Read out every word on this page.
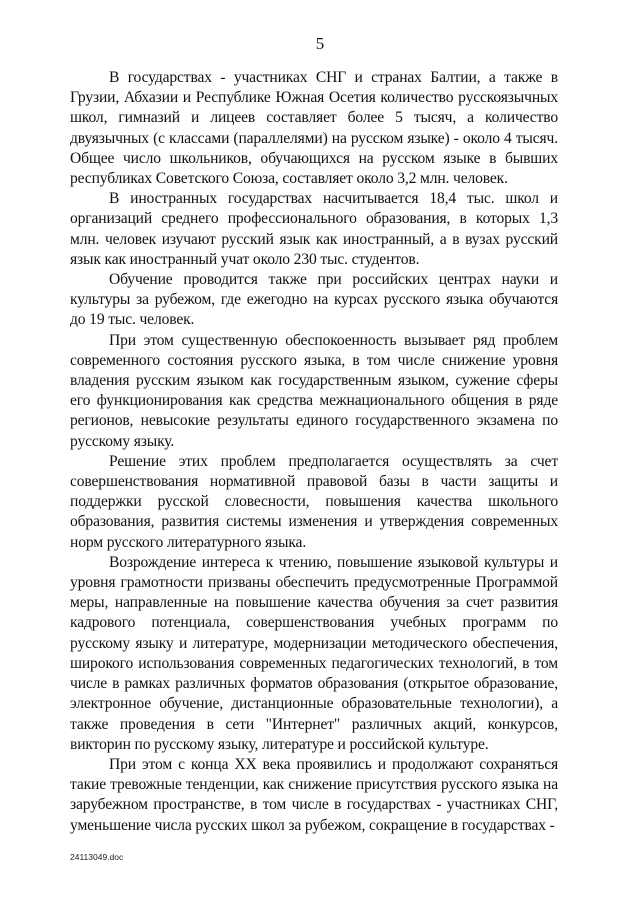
5

В государствах - участниках СНГ и странах Балтии, а также в Грузии, Абхазии и Республике Южная Осетия количество русскоязычных школ, гимназий и лицеев составляет более 5 тысяч, а количество двуязычных (с классами (параллелями) на русском языке) - около 4 тысяч. Общее число школьников, обучающихся на русском языке в бывших республиках Советского Союза, составляет около 3,2 млн. человек.

В иностранных государствах насчитывается 18,4 тыс. школ и организаций среднего профессионального образования, в которых 1,3 млн. человек изучают русский язык как иностранный, а в вузах русский язык как иностранный учат около 230 тыс. студентов.

Обучение проводится также при российских центрах науки и культуры за рубежом, где ежегодно на курсах русского языка обучаются до 19 тыс. человек.

При этом существенную обеспокоенность вызывает ряд проблем современного состояния русского языка, в том числе снижение уровня владения русским языком как государственным языком, сужение сферы его функционирования как средства межнационального общения в ряде регионов, невысокие результаты единого государственного экзамена по русскому языку.

Решение этих проблем предполагается осуществлять за счет совершенствования нормативной правовой базы в части защиты и поддержки русской словесности, повышения качества школьного образования, развития системы изменения и утверждения современных норм русского литературного языка.

Возрождение интереса к чтению, повышение языковой культуры и уровня грамотности призваны обеспечить предусмотренные Программой меры, направленные на повышение качества обучения за счет развития кадрового потенциала, совершенствования учебных программ по русскому языку и литературе, модернизации методического обеспечения, широкого использования современных педагогических технологий, в том числе в рамках различных форматов образования (открытое образование, электронное обучение, дистанционные образовательные технологии), а также проведения в сети "Интернет" различных акций, конкурсов, викторин по русскому языку, литературе и российской культуре.

При этом с конца XX века проявились и продолжают сохраняться такие тревожные тенденции, как снижение присутствия русского языка на зарубежном пространстве, в том числе в государствах - участниках СНГ, уменьшение числа русских школ за рубежом, сокращение в государствах -

24113049.doc
